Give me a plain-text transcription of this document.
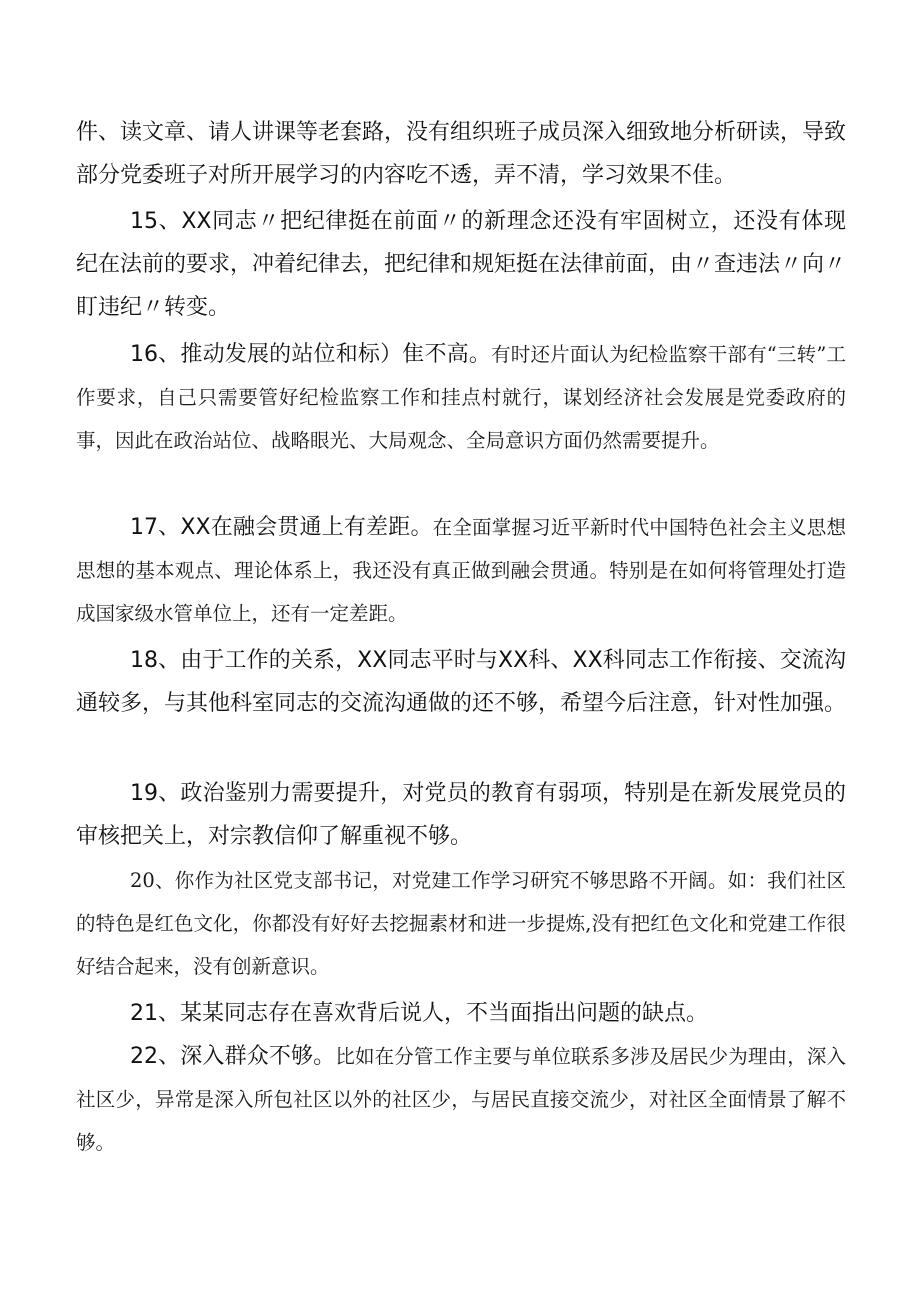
件、读文章、请人讲课等老套路，没有组织班子成员深入细致地分析研读，导致部分党委班子对所开展学习的内容吃不透，弄不清，学习效果不佳。

15、XX同志〃把纪律挺在前面〃的新理念还没有牢固树立，还没有体现纪在法前的要求，冲着纪律去，把纪律和规矩挺在法律前面，由〃查违法〃向〃盯违纪〃转变。

16、推动发展的站位和标）隹不高。有时还片面认为纪检监察干部有“三转”工作要求，自己只需要管好纪检监察工作和挂点村就行，谋划经济社会发展是党委政府的事，因此在政治站位、战略眼光、大局观念、全局意识方面仍然需要提升。

17、XX在融会贯通上有差距。在全面掌握习近平新时代中国特色社会主义思想思想的基本观点、理论体系上，我还没有真正做到融会贯通。特别是在如何将管理处打造成国家级水管单位上，还有一定差距。

18、由于工作的关系，XX同志平时与XX科、XX科同志工作衔接、交流沟通较多，与其他科室同志的交流沟通做的还不够，希望今后注意，针对性加强。

19、政治鉴别力需要提升，对党员的教育有弱项，特别是在新发展党员的审核把关上，对宗教信仰了解重视不够。

20、你作为社区党支部书记，对党建工作学习研究不够思路不开阔。如：我们社区的特色是红色文化，你都没有好好去挖掘素材和进一步提炼,没有把红色文化和党建工作很好结合起来，没有创新意识。

21、某某同志存在喜欢背后说人，不当面指出问题的缺点。

22、深入群众不够。比如在分管工作主要与单位联系多涉及居民少为理由，深入社区少，异常是深入所包社区以外的社区少，与居民直接交流少，对社区全面情景了解不够。
